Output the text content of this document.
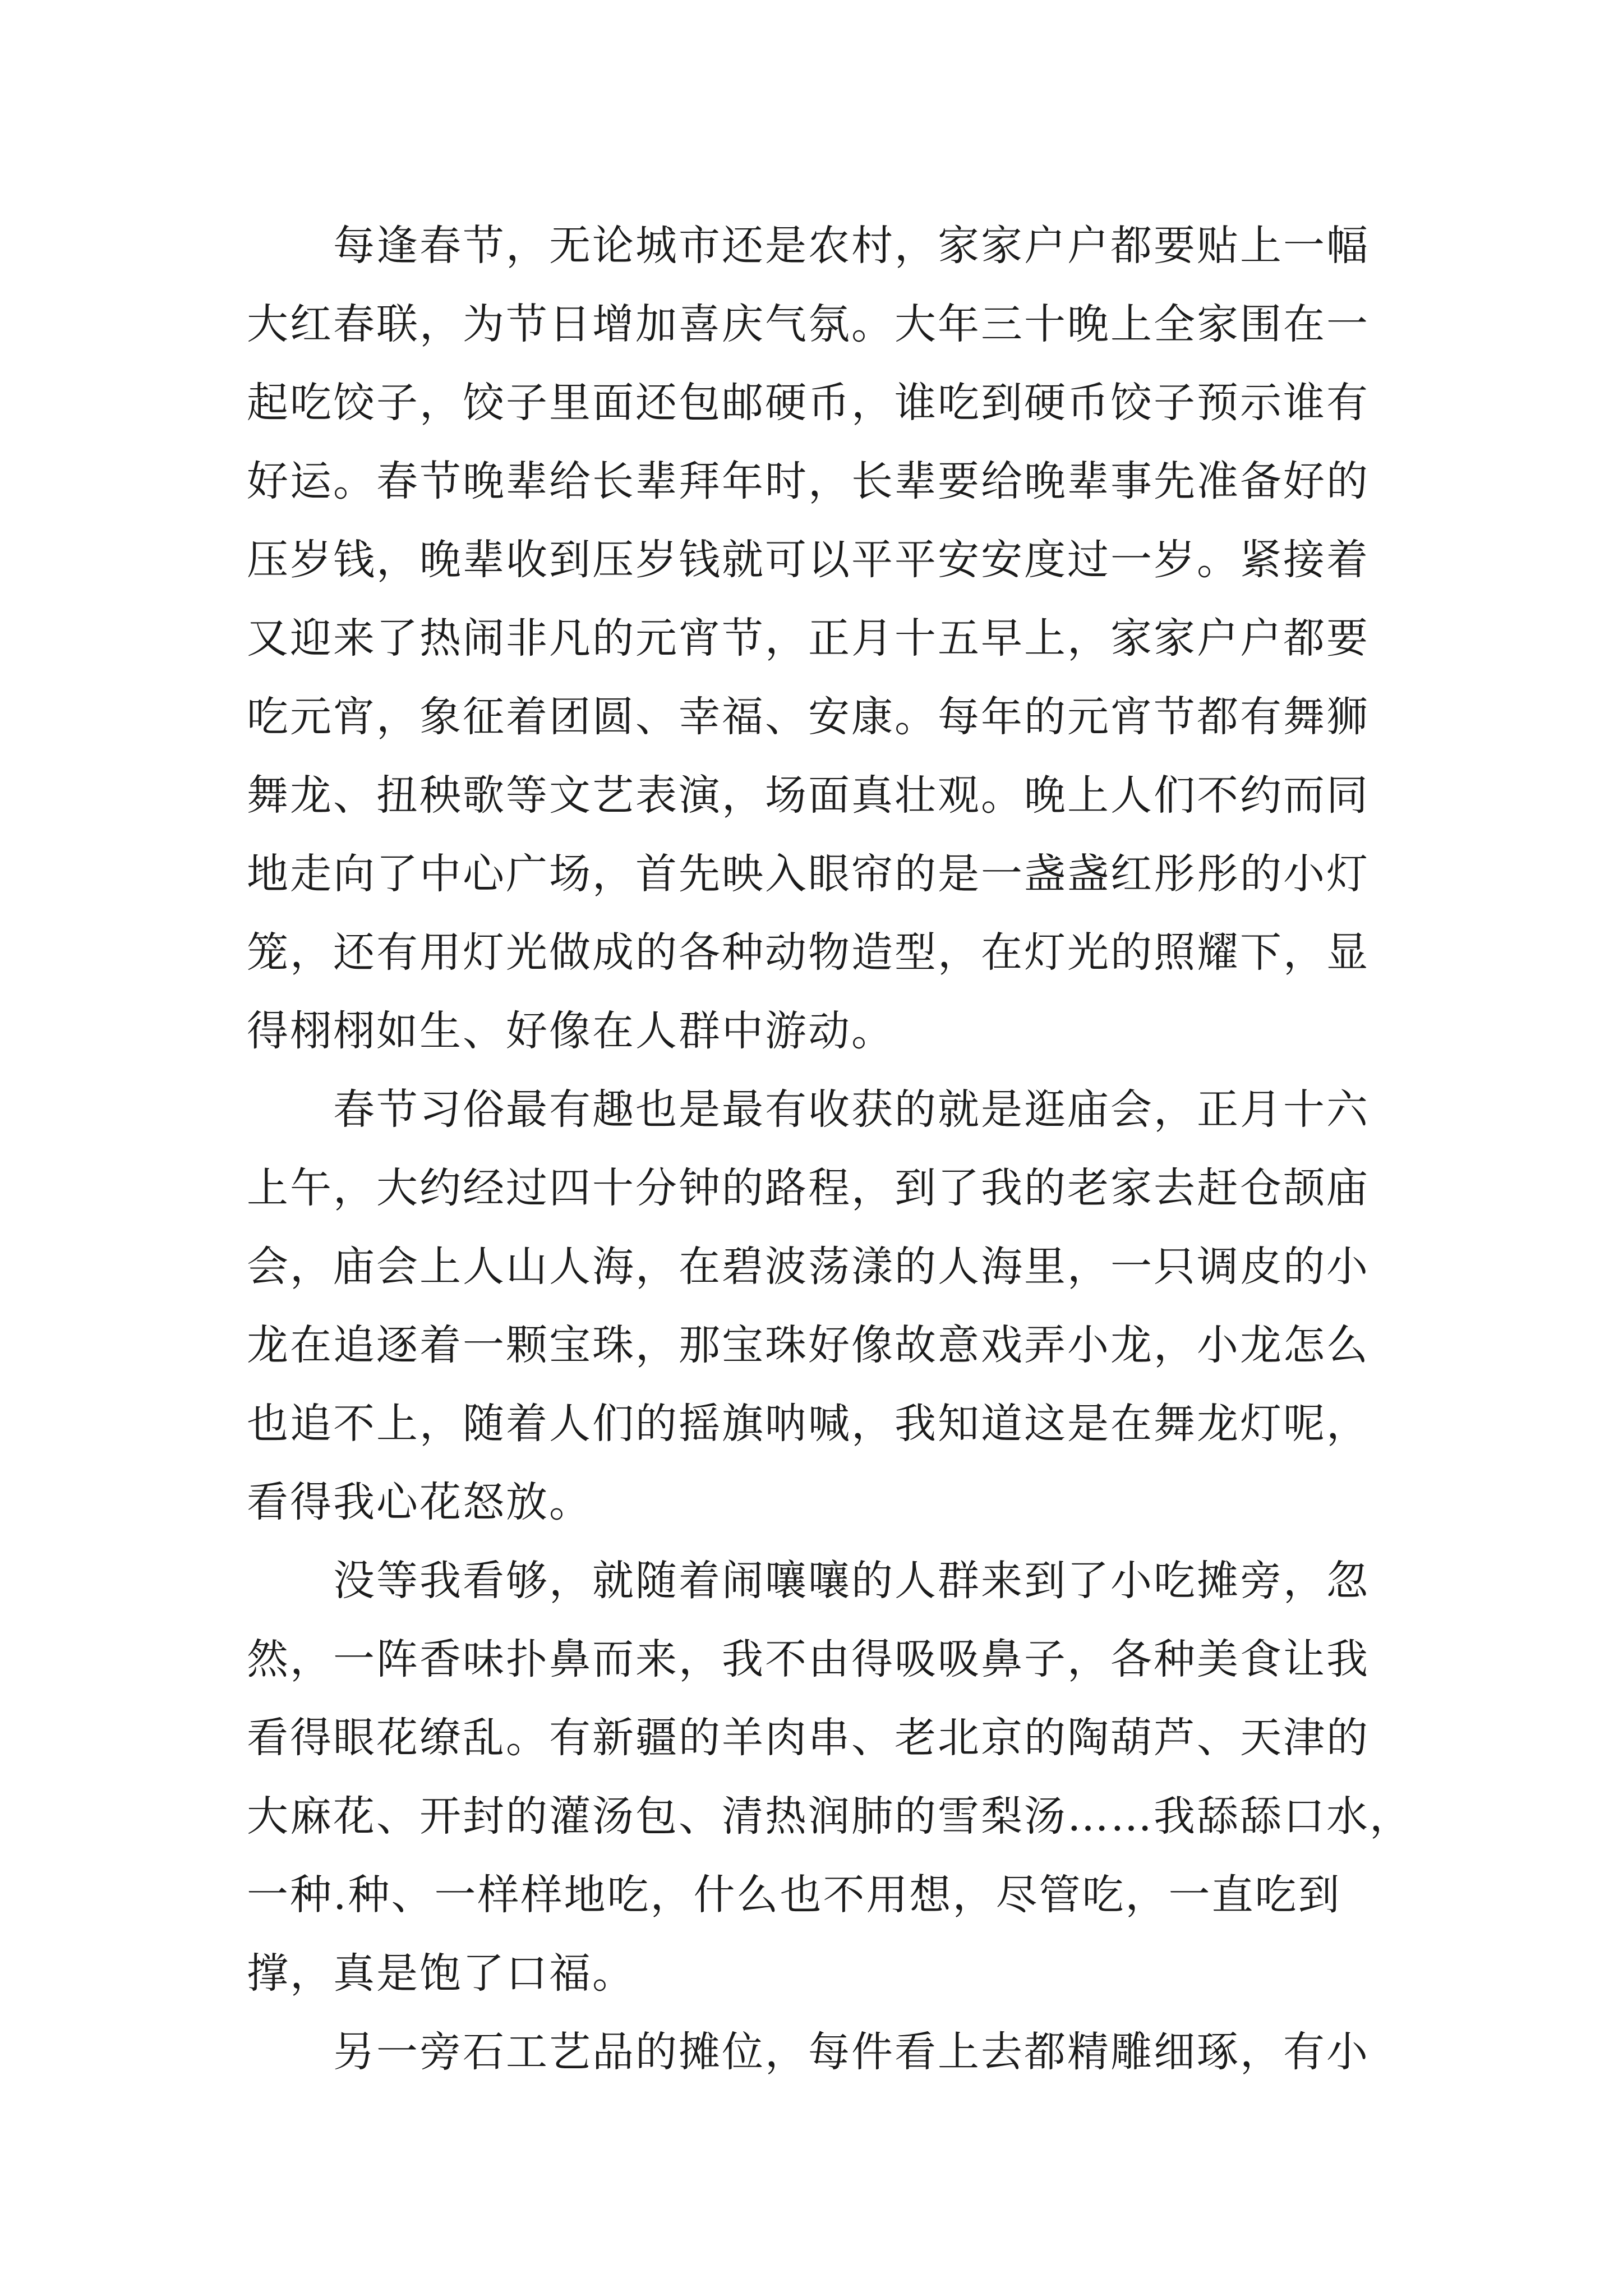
　　每逢春节，无论城市还是农村，家家户户都要贴上一幅
大红春联，为节日增加喜庆气氛。大年三十晚上全家围在一
起吃饺子，饺子里面还包邮硬币，谁吃到硬币饺子预示谁有
好运。春节晚辈给长辈拜年时，长辈要给晚辈事先准备好的
压岁钱，晚辈收到压岁钱就可以平平安安度过一岁。紧接着
又迎来了热闹非凡的元宵节，正月十五早上，家家户户都要
吃元宵，象征着团圆、幸福、安康。每年的元宵节都有舞狮
舞龙、扭秧歌等文艺表演，场面真壮观。晚上人们不约而同
地走向了中心广场，首先映入眼帘的是一盏盏红彤彤的小灯
笼，还有用灯光做成的各种动物造型，在灯光的照耀下，显
得栩栩如生、好像在人群中游动。
　　春节习俗最有趣也是最有收获的就是逛庙会，正月十六
上午，大约经过四十分钟的路程，到了我的老家去赶仓颉庙
会，庙会上人山人海，在碧波荡漾的人海里，一只调皮的小
龙在追逐着一颗宝珠，那宝珠好像故意戏弄小龙，小龙怎么
也追不上，随着人们的摇旗呐喊，我知道这是在舞龙灯呢，
看得我心花怒放。
　　没等我看够，就随着闹嚷嚷的人群来到了小吃摊旁，忽
然，一阵香味扑鼻而来，我不由得吸吸鼻子，各种美食让我
看得眼花缭乱。有新疆的羊肉串、老北京的陶葫芦、天津的
大麻花、开封的灌汤包、清热润肺的雪梨汤……我舔舔口水，
一种.种、一样样地吃，什么也不用想，尽管吃，一直吃到
撑，真是饱了口福。
　　另一旁石工艺品的摊位，每件看上去都精雕细琢，有小
